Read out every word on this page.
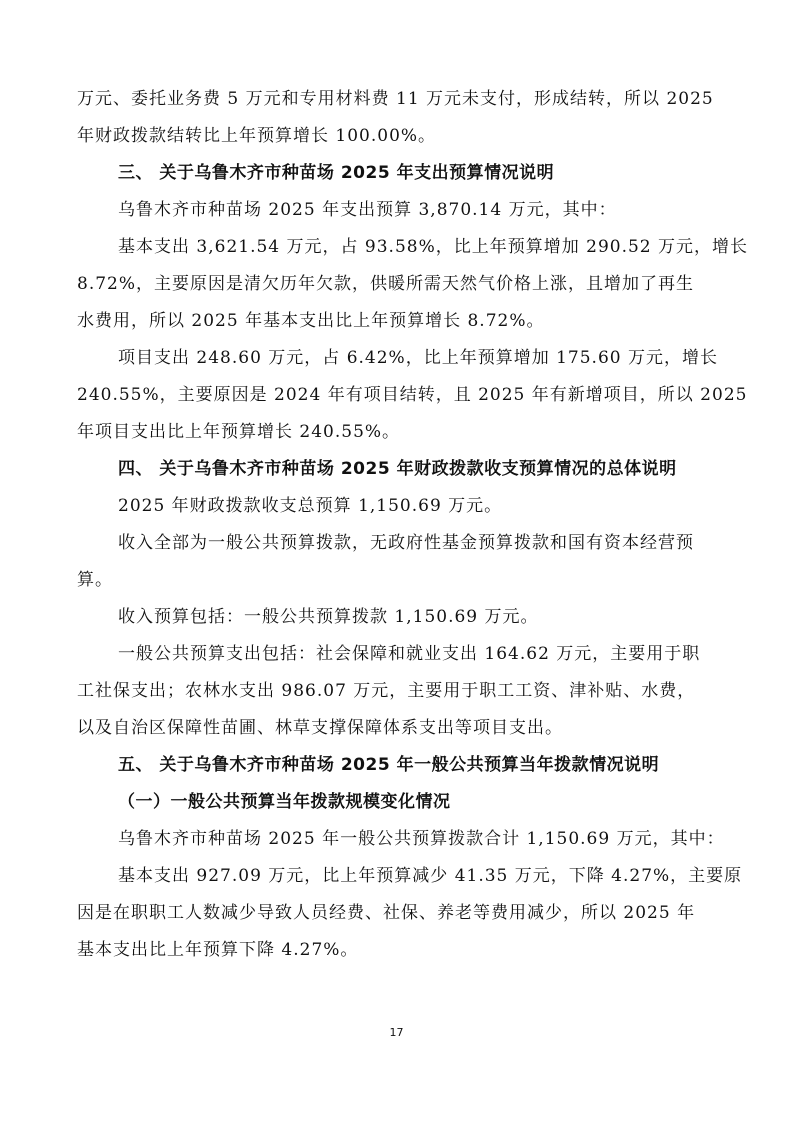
万元、委托业务费 5 万元和专用材料费 11 万元未支付，形成结转，所以 2025
年财政拨款结转比上年预算增长 100.00%。
三、 关于乌鲁木齐市种苗场 2025 年支出预算情况说明
乌鲁木齐市种苗场 2025 年支出预算 3,870.14 万元，其中：
基本支出 3,621.54 万元，占 93.58%，比上年预算增加 290.52 万元，增长
8.72%，主要原因是清欠历年欠款，供暖所需天然气价格上涨，且增加了再生
水费用，所以 2025 年基本支出比上年预算增长 8.72%。
项目支出 248.60 万元，占 6.42%，比上年预算增加 175.60 万元，增长
240.55%，主要原因是 2024 年有项目结转，且 2025 年有新增项目，所以 2025
年项目支出比上年预算增长 240.55%。
四、 关于乌鲁木齐市种苗场 2025 年财政拨款收支预算情况的总体说明
2025 年财政拨款收支总预算 1,150.69 万元。
收入全部为一般公共预算拨款，无政府性基金预算拨款和国有资本经营预
算。
收入预算包括：一般公共预算拨款 1,150.69 万元。
一般公共预算支出包括：社会保障和就业支出 164.62 万元，主要用于职
工社保支出；农林水支出 986.07 万元，主要用于职工工资、津补贴、水费，
以及自治区保障性苗圃、林草支撑保障体系支出等项目支出。
五、 关于乌鲁木齐市种苗场 2025 年一般公共预算当年拨款情况说明
（一）一般公共预算当年拨款规模变化情况
乌鲁木齐市种苗场 2025 年一般公共预算拨款合计 1,150.69 万元，其中：
基本支出 927.09 万元，比上年预算减少 41.35 万元，下降 4.27%，主要原
因是在职职工人数减少导致人员经费、社保、养老等费用减少，所以 2025 年
基本支出比上年预算下降 4.27%。
17
